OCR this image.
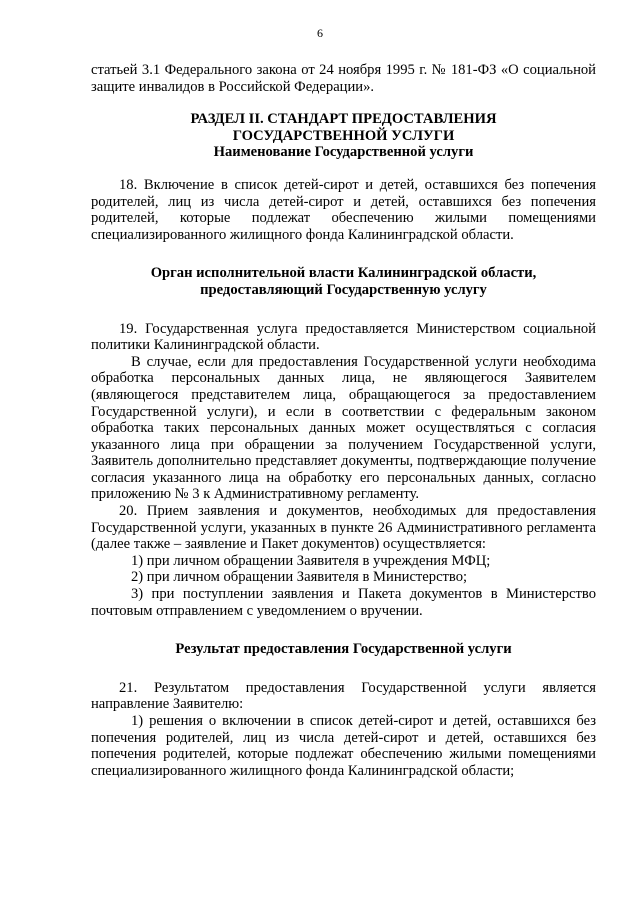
6

статьей 3.1 Федерального закона от 24 ноября 1995 г. № 181-ФЗ «О социальной защите инвалидов в Российской Федерации».

РАЗДЕЛ II. СТАНДАРТ ПРЕДОСТАВЛЕНИЯ

ГОСУДАРСТВЕННОЙ УСЛУГИ

Наименование Государственной услуги

18. Включение в список детей-сирот и детей, оставшихся без попечения родителей, лиц из числа детей-сирот и детей, оставшихся без попечения родителей, которые подлежат обеспечению жилыми помещениями специализированного жилищного фонда Калининградской области.

Орган исполнительной власти Калининградской области,

предоставляющий Государственную услугу

19. Государственная услуга предоставляется Министерством социальной политики Калининградской области.

В случае, если для предоставления Государственной услуги необходима обработка персональных данных лица, не являющегося Заявителем (являющегося представителем лица, обращающегося за предоставлением Государственной услуги), и если в соответствии с федеральным законом обработка таких персональных данных может осуществляться с согласия указанного лица при обращении за получением Государственной услуги, Заявитель дополнительно представляет документы, подтверждающие получение согласия указанного лица на обработку его персональных данных, согласно приложению № 3 к Административному регламенту.

20. Прием заявления и документов, необходимых для предоставления Государственной услуги, указанных в пункте 26 Административного регламента (далее также – заявление и Пакет документов) осуществляется:

1) при личном обращении Заявителя в учреждения МФЦ;

2) при личном обращении Заявителя в Министерство;

3) при поступлении заявления и Пакета документов в Министерство почтовым отправлением с уведомлением о вручении.

Результат предоставления Государственной услуги

21. Результатом предоставления Государственной услуги является направление Заявителю:

1) решения о включении в список детей-сирот и детей, оставшихся без попечения родителей, лиц из числа детей-сирот и детей, оставшихся без попечения родителей, которые подлежат обеспечению жилыми помещениями специализированного жилищного фонда Калининградской области;
